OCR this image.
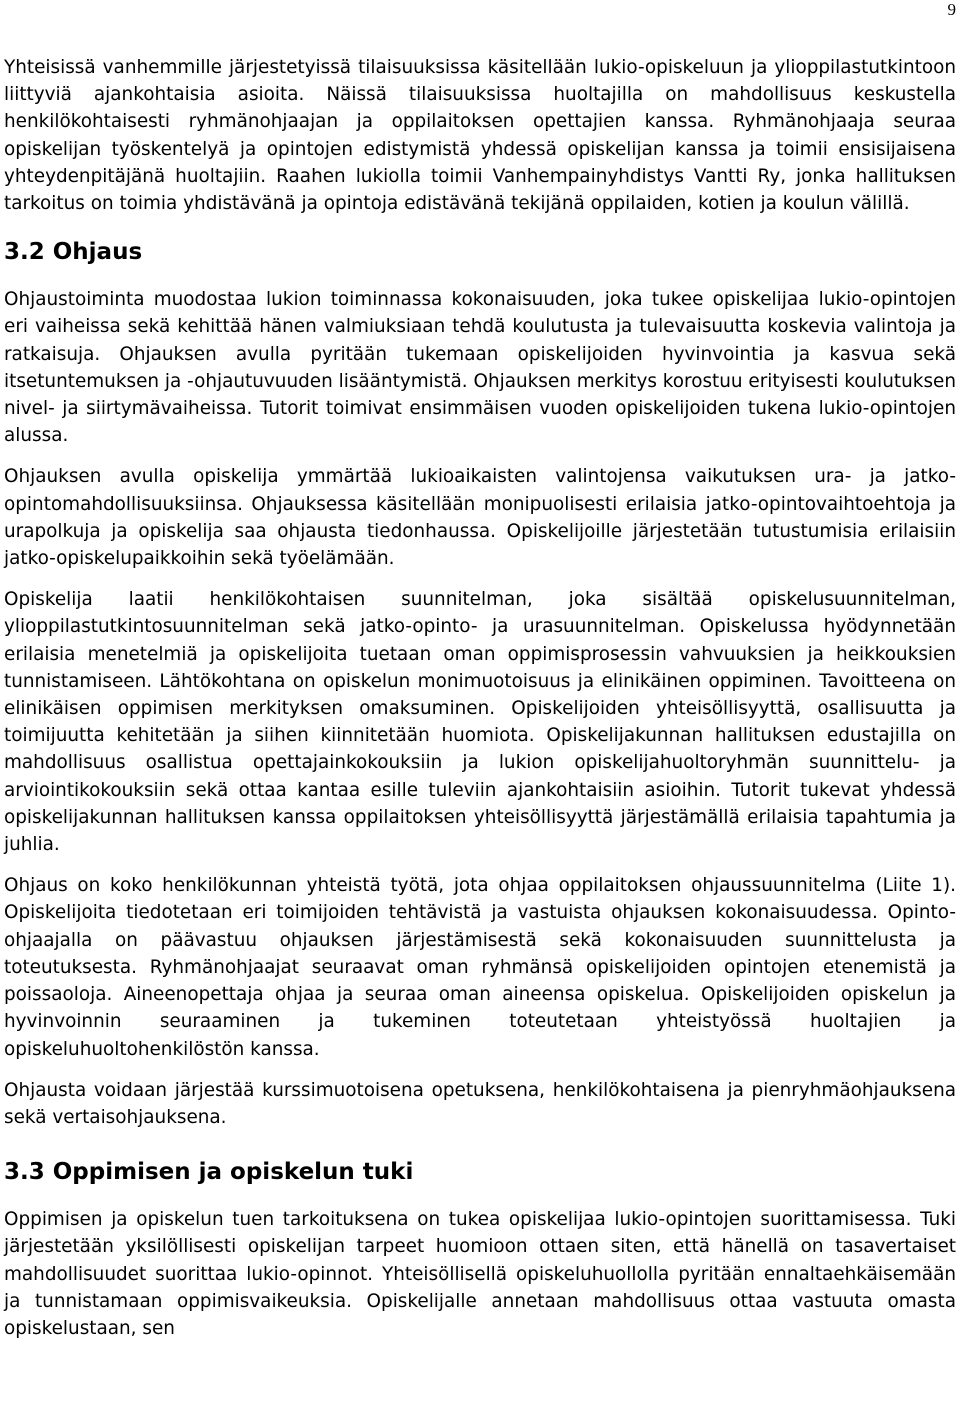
9

Yhteisissä vanhemmille järjestetyissä tilaisuuksissa käsitellään lukio-opiskeluun ja ylioppilastutkintoon liittyviä ajankohtaisia asioita. Näissä tilaisuuksissa huoltajilla on mahdollisuus keskustella henkilökohtaisesti ryhmänohjaajan ja oppilaitoksen opettajien kanssa. Ryhmänohjaaja seuraa opiskelijan työskentelyä ja opintojen edistymistä yhdessä opiskelijan kanssa ja toimii ensisijaisena yhteydenpitäjänä huoltajiin. Raahen lukiolla toimii Vanhempainyhdistys Vantti Ry, jonka hallituksen tarkoitus on toimia yhdistävänä ja opintoja edistävänä tekijänä oppilaiden, kotien ja koulun välillä.

3.2 Ohjaus

Ohjaustoiminta muodostaa lukion toiminnassa kokonaisuuden, joka tukee opiskelijaa lukio-opintojen eri vaiheissa sekä kehittää hänen valmiuksiaan tehdä koulutusta ja tulevaisuutta koskevia valintoja ja ratkaisuja. Ohjauksen avulla pyritään tukemaan opiskelijoiden hyvinvointia ja kasvua sekä itsetuntemuksen ja -ohjautuvuuden lisääntymistä. Ohjauksen merkitys korostuu erityisesti koulutuksen nivel- ja siirtymävaiheissa. Tutorit toimivat ensimmäisen vuoden opiskelijoiden tukena lukio-opintojen alussa.

Ohjauksen avulla opiskelija ymmärtää lukioaikaisten valintojensa vaikutuksen ura- ja jatko-opintomahdollisuuksiinsa. Ohjauksessa käsitellään monipuolisesti erilaisia jatko-opintovaihtoehtoja ja urapolkuja ja opiskelija saa ohjausta tiedonhaussa. Opiskelijoille järjestetään tutustumisia erilaisiin jatko-opiskelupaikkoihin sekä työelämään.

Opiskelija laatii henkilökohtaisen suunnitelman, joka sisältää opiskelusuunnitelman, ylioppilastutkintosuunnitelman sekä jatko-opinto- ja urasuunnitelman. Opiskelussa hyödynnetään erilaisia menetelmiä ja opiskelijoita tuetaan oman oppimisprosessin vahvuuksien ja heikkouksien tunnistamiseen. Lähtökohtana on opiskelun monimuotoisuus ja elinikäinen oppiminen. Tavoitteena on elinikäisen oppimisen merkityksen omaksuminen. Opiskelijoiden yhteisöllisyyttä, osallisuutta ja toimijuutta kehitetään ja siihen kiinnitetään huomiota. Opiskelijakunnan hallituksen edustajilla on mahdollisuus osallistua opettajainkokouksiin ja lukion opiskelijahuoltoryhmän suunnittelu- ja arviointikokouksiin sekä ottaa kantaa esille tuleviin ajankohtaisiin asioihin. Tutorit tukevat yhdessä opiskelijakunnan hallituksen kanssa oppilaitoksen yhteisöllisyyttä järjestämällä erilaisia tapahtumia ja juhlia.

Ohjaus on koko henkilökunnan yhteistä työtä, jota ohjaa oppilaitoksen ohjaussuunnitelma (Liite 1). Opiskelijoita tiedotetaan eri toimijoiden tehtävistä ja vastuista ohjauksen kokonaisuudessa. Opinto-ohjaajalla on päävastuu ohjauksen järjestämisestä sekä kokonaisuuden suunnittelusta ja toteutuksesta. Ryhmänohjaajat seuraavat oman ryhmänsä opiskelijoiden opintojen etenemistä ja poissaoloja. Aineenopettaja ohjaa ja seuraa oman aineensa opiskelua. Opiskelijoiden opiskelun ja hyvinvoinnin seuraaminen ja tukeminen toteutetaan yhteistyössä huoltajien ja opiskeluhuoltohenkilöstön kanssa.

Ohjausta voidaan järjestää kurssimuotoisena opetuksena, henkilökohtaisena ja pienryhmäohjauksena sekä vertaisohjauksena.

3.3 Oppimisen ja opiskelun tuki

Oppimisen ja opiskelun tuen tarkoituksena on tukea opiskelijaa lukio-opintojen suorittamisessa. Tuki järjestetään yksilöllisesti opiskelijan tarpeet huomioon ottaen siten, että hänellä on tasavertaiset mahdollisuudet suorittaa lukio-opinnot. Yhteisöllisellä opiskeluhuollolla pyritään ennaltaehkäisemään ja tunnistamaan oppimisvaikeuksia. Opiskelijalle annetaan mahdollisuus ottaa vastuuta omasta opiskelustaan, sen
